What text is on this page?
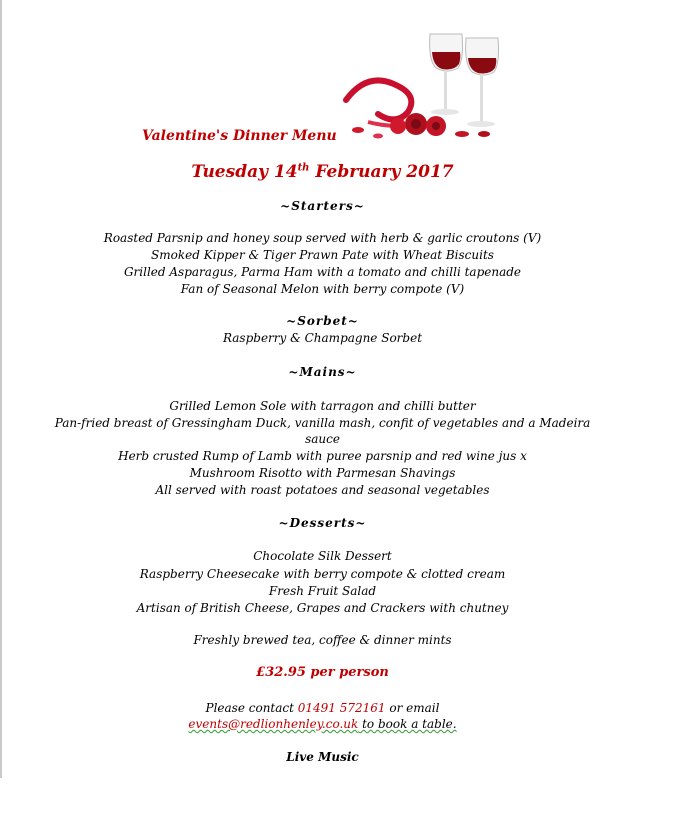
Valentine's Dinner Menu
Tuesday 14th February 2017
~Starters~
Roasted Parsnip and honey soup served with herb & garlic croutons (V)
Smoked Kipper & Tiger Prawn Pate with Wheat Biscuits
Grilled Asparagus, Parma Ham with a tomato and chilli tapenade
Fan of Seasonal Melon with berry compote (V)
~Sorbet~
Raspberry & Champagne Sorbet
~Mains~
Grilled Lemon Sole with tarragon and chilli butter
Pan-fried breast of Gressingham Duck, vanilla mash, confit of vegetables and a Madeira
sauce
Herb crusted Rump of Lamb with puree parsnip and red wine jus x
Mushroom Risotto with Parmesan Shavings
All served with roast potatoes and seasonal vegetables
~Desserts~
Chocolate Silk Dessert
Raspberry Cheesecake with berry compote & clotted cream
Fresh Fruit Salad
Artisan of British Cheese, Grapes and Crackers with chutney
Freshly brewed tea, coffee & dinner mints
£32.95 per person
Please contact 01491 572161 or email
events@redlionhenley.co.uk to book a table.
Live Music
